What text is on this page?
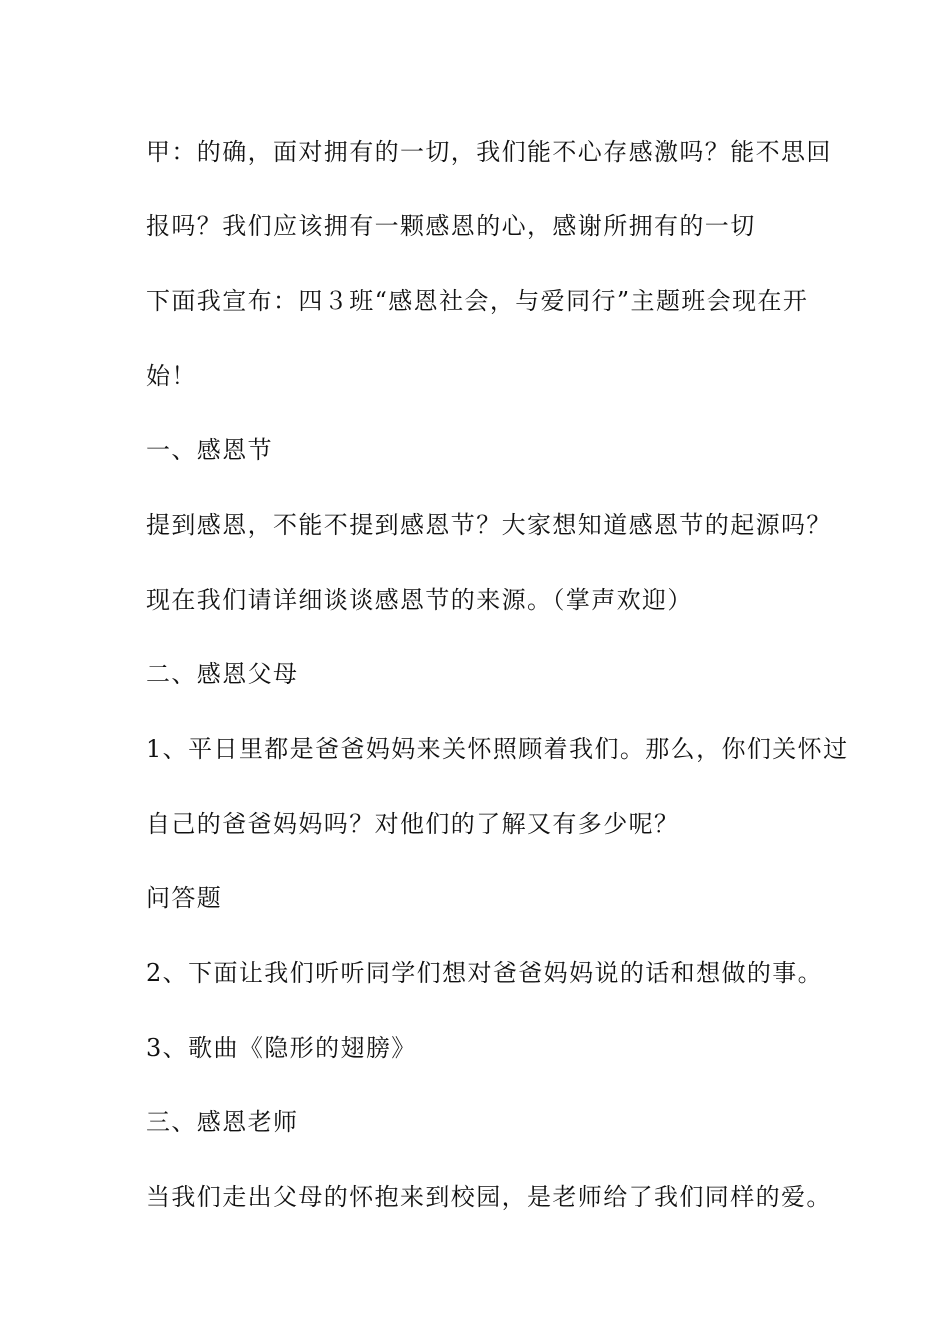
甲：的确，面对拥有的一切，我们能不心存感激吗？能不思回
报吗？我们应该拥有一颗感恩的心，感谢所拥有的一切
下面我宣布：四３班“感恩社会，与爱同行”主题班会现在开
始！
一、感恩节
提到感恩，不能不提到感恩节？大家想知道感恩节的起源吗？
现在我们请详细谈谈感恩节的来源。（掌声欢迎）
二、感恩父母
1、平日里都是爸爸妈妈来关怀照顾着我们。那么，你们关怀过
自己的爸爸妈妈吗？对他们的了解又有多少呢？
问答题
2、下面让我们听听同学们想对爸爸妈妈说的话和想做的事。
3、歌曲《隐形的翅膀》
三、感恩老师
当我们走出父母的怀抱来到校园，是老师给了我们同样的爱。
